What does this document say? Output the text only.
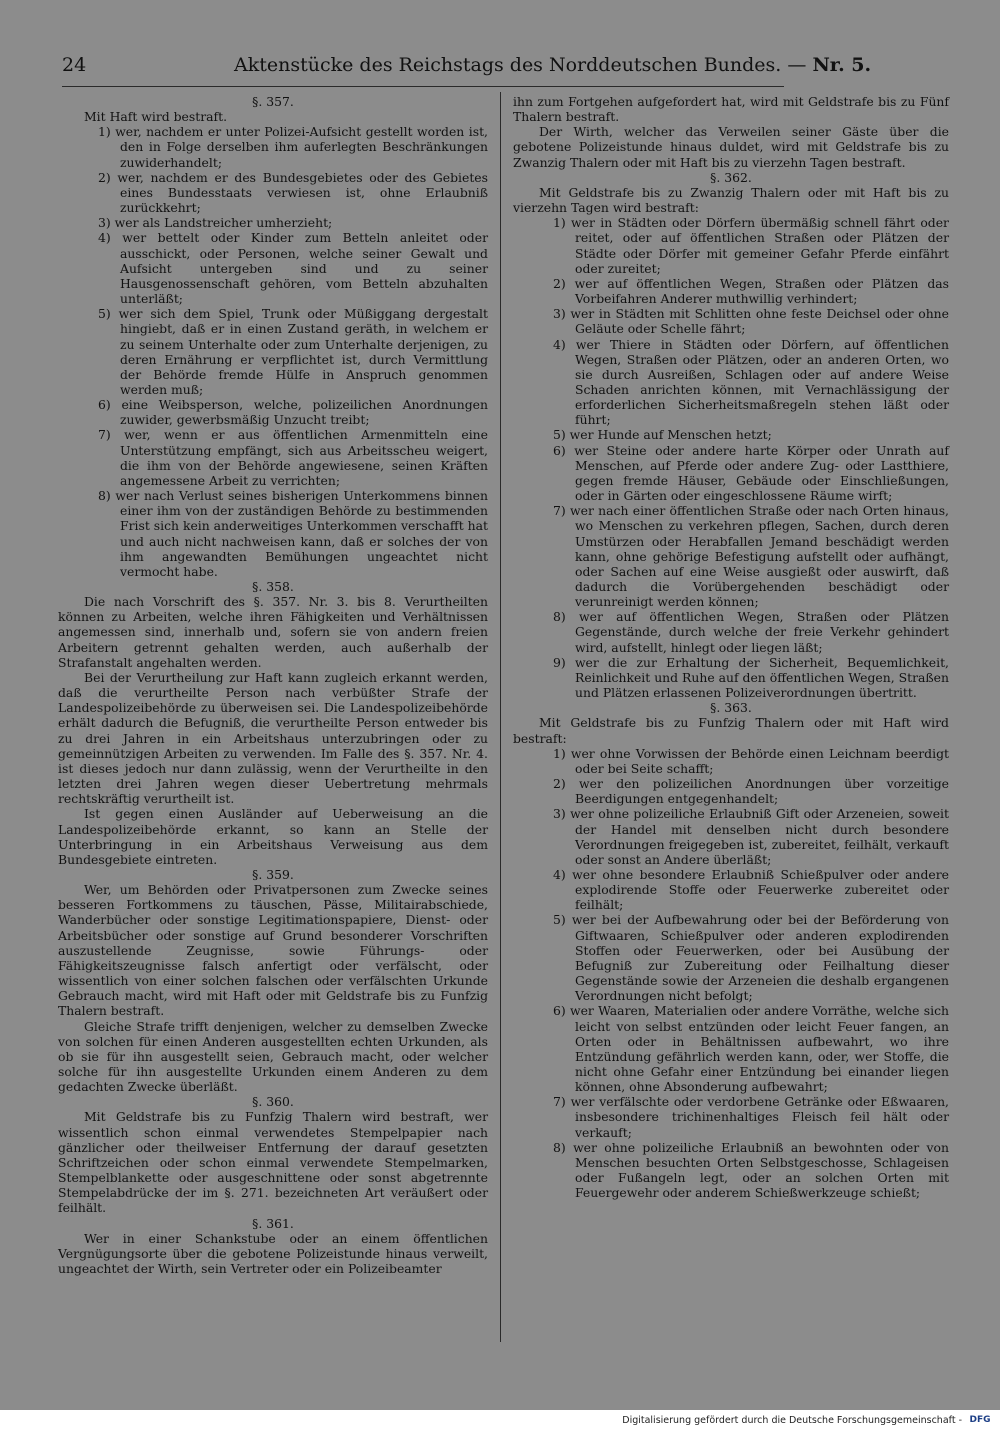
24	Aktenstücke des Reichstags des Norddeutschen Bundes. — Nr. 5.
§. 357.
Mit Haft wird bestraft.
1) wer, nachdem er unter Polizei-Aufsicht gestellt worden ist, den in Folge derselben ihm auferlegten Beschränkungen zuwiderhandelt;
2) wer, nachdem er des Bundesgebietes oder des Gebietes eines Bundesstaats verwiesen ist, ohne Erlaubniß zurückkehrt;
3) wer als Landstreicher umherzieht;
4) wer bettelt oder Kinder zum Betteln anleitet oder ausschickt, oder Personen, welche seiner Gewalt und Aufsicht untergeben sind und zu seiner Hausgenossenschaft gehören, vom Betteln abzuhalten unterläßt;
5) wer sich dem Spiel, Trunk oder Müßiggang dergestalt hingiebt, daß er in einen Zustand geräth, in welchem er zu seinem Unterhalte oder zum Unterhalte derjenigen, zu deren Ernährung er verpflichtet ist, durch Vermittlung der Behörde fremde Hülfe in Anspruch genommen werden muß;
6) eine Weibsperson, welche, polizeilichen Anordnungen zuwider, gewerbsmäßig Unzucht treibt;
7) wer, wenn er aus öffentlichen Armenmitteln eine Unterstützung empfängt, sich aus Arbeitsscheu weigert, die ihm von der Behörde angewiesene, seinen Kräften angemessene Arbeit zu verrichten;
8) wer nach Verlust seines bisherigen Unterkommens binnen einer ihm von der zuständigen Behörde zu bestimmenden Frist sich kein anderweitiges Unterkommen verschafft hat und auch nicht nachweisen kann, daß er solches der von ihm angewandten Bemühungen ungeachtet nicht vermocht habe.
§. 358.
Die nach Vorschrift des §. 357. Nr. 3. bis 8. Verurtheilten können zu Arbeiten, welche ihren Fähigkeiten und Verhältnissen angemessen sind, innerhalb und, sofern sie von andern freien Arbeitern getrennt gehalten werden, auch außerhalb der Strafanstalt angehalten werden.
Bei der Verurtheilung zur Haft kann zugleich erkannt werden, daß die verurtheilte Person nach verbüßter Strafe der Landespolizeibehörde zu überweisen sei. Die Landespolizeibehörde erhält dadurch die Befugniß, die verurtheilte Person entweder bis zu drei Jahren in ein Arbeitshaus unterzubringen oder zu gemeinnützigen Arbeiten zu verwenden. Im Falle des §. 357. Nr. 4. ist dieses jedoch nur dann zulässig, wenn der Verurtheilte in den letzten drei Jahren wegen dieser Uebertretung mehrmals rechtskräftig verurtheilt ist.
Ist gegen einen Ausländer auf Ueberweisung an die Landespolizeibehörde erkannt, so kann an Stelle der Unterbringung in ein Arbeitshaus Verweisung aus dem Bundesgebiete eintreten.
§. 359.
Wer, um Behörden oder Privatpersonen zum Zwecke seines besseren Fortkommens zu täuschen, Pässe, Militairabschiede, Wanderbücher oder sonstige Legitimationspapiere, Dienst- oder Arbeitsbücher oder sonstige auf Grund besonderer Vorschriften auszustellende Zeugnisse, sowie Führungs- oder Fähigkeitszeugnisse falsch anfertigt oder verfälscht, oder wissentlich von einer solchen falschen oder verfälschten Urkunde Gebrauch macht, wird mit Haft oder mit Geldstrafe bis zu Funfzig Thalern bestraft.
Gleiche Strafe trifft denjenigen, welcher zu demselben Zwecke von solchen für einen Anderen ausgestellten echten Urkunden, als ob sie für ihn ausgestellt seien, Gebrauch macht, oder welcher solche für ihn ausgestellte Urkunden einem Anderen zu dem gedachten Zwecke überläßt.
§. 360.
Mit Geldstrafe bis zu Funfzig Thalern wird bestraft, wer wissentlich schon einmal verwendetes Stempelpapier nach gänzlicher oder theilweiser Entfernung der darauf gesetzten Schriftzeichen oder schon einmal verwendete Stempelmarken, Stempelblankette oder ausgeschnittene oder sonst abgetrennte Stempelabdrücke der im §. 271. bezeichneten Art veräußert oder feilhält.
§. 361.
Wer in einer Schankstube oder an einem öffentlichen Vergnügungsorte über die gebotene Polizeistunde hinaus verweilt, ungeachtet der Wirth, sein Vertreter oder ein Polizeibeamter
ihn zum Fortgehen aufgefordert hat, wird mit Geldstrafe bis zu Fünf Thalern bestraft.
Der Wirth, welcher das Verweilen seiner Gäste über die gebotene Polizeistunde hinaus duldet, wird mit Geldstrafe bis zu Zwanzig Thalern oder mit Haft bis zu vierzehn Tagen bestraft.
§. 362.
Mit Geldstrafe bis zu Zwanzig Thalern oder mit Haft bis zu vierzehn Tagen wird bestraft:
1) wer in Städten oder Dörfern übermäßig schnell fährt oder reitet, oder auf öffentlichen Straßen oder Plätzen der Städte oder Dörfer mit gemeiner Gefahr Pferde einfährt oder zureitet;
2) wer auf öffentlichen Wegen, Straßen oder Plätzen das Vorbeifahren Anderer muthwillig verhindert;
3) wer in Städten mit Schlitten ohne feste Deichsel oder ohne Geläute oder Schelle fährt;
4) wer Thiere in Städten oder Dörfern, auf öffentlichen Wegen, Straßen oder Plätzen, oder an anderen Orten, wo sie durch Ausreißen, Schlagen oder auf andere Weise Schaden anrichten können, mit Vernachlässigung der erforderlichen Sicherheitsmaßregeln stehen läßt oder führt;
5) wer Hunde auf Menschen hetzt;
6) wer Steine oder andere harte Körper oder Unrath auf Menschen, auf Pferde oder andere Zug- oder Lastthiere, gegen fremde Häuser, Gebäude oder Einschließungen, oder in Gärten oder eingeschlossene Räume wirft;
7) wer nach einer öffentlichen Straße oder nach Orten hinaus, wo Menschen zu verkehren pflegen, Sachen, durch deren Umstürzen oder Herabfallen Jemand beschädigt werden kann, ohne gehörige Befestigung aufstellt oder aufhängt, oder Sachen auf eine Weise ausgießt oder auswirft, daß dadurch die Vorübergehenden beschädigt oder verunreinigt werden können;
8) wer auf öffentlichen Wegen, Straßen oder Plätzen Gegenstände, durch welche der freie Verkehr gehindert wird, aufstellt, hinlegt oder liegen läßt;
9) wer die zur Erhaltung der Sicherheit, Bequemlichkeit, Reinlichkeit und Ruhe auf den öffentlichen Wegen, Straßen und Plätzen erlassenen Polizeiverordnungen übertritt.
§. 363.
Mit Geldstrafe bis zu Funfzig Thalern oder mit Haft wird bestraft:
1) wer ohne Vorwissen der Behörde einen Leichnam beerdigt oder bei Seite schafft;
2) wer den polizeilichen Anordnungen über vorzeitige Beerdigungen entgegenhandelt;
3) wer ohne polizeiliche Erlaubniß Gift oder Arzeneien, soweit der Handel mit denselben nicht durch besondere Verordnungen freigegeben ist, zubereitet, feilhält, verkauft oder sonst an Andere überläßt;
4) wer ohne besondere Erlaubniß Schießpulver oder andere explodirende Stoffe oder Feuerwerke zubereitet oder feilhält;
5) wer bei der Aufbewahrung oder bei der Beförderung von Giftwaaren, Schießpulver oder anderen explodirenden Stoffen oder Feuerwerken, oder bei Ausübung der Befugniß zur Zubereitung oder Feilhaltung dieser Gegenstände sowie der Arzeneien die deshalb ergangenen Verordnungen nicht befolgt;
6) wer Waaren, Materialien oder andere Vorräthe, welche sich leicht von selbst entzünden oder leicht Feuer fangen, an Orten oder in Behältnissen aufbewahrt, wo ihre Entzündung gefährlich werden kann, oder, wer Stoffe, die nicht ohne Gefahr einer Entzündung bei einander liegen können, ohne Absonderung aufbewahrt;
7) wer verfälschte oder verdorbene Getränke oder Eßwaaren, insbesondere trichinenhaltiges Fleisch feil hält oder verkauft;
8) wer ohne polizeiliche Erlaubniß an bewohnten oder von Menschen besuchten Orten Selbstgeschosse, Schlageisen oder Fußangeln legt, oder an solchen Orten mit Feuergewehr oder anderem Schießwerkzeuge schießt;
Digitalisierung gefördert durch die Deutsche Forschungsgemeinschaft - DFG
